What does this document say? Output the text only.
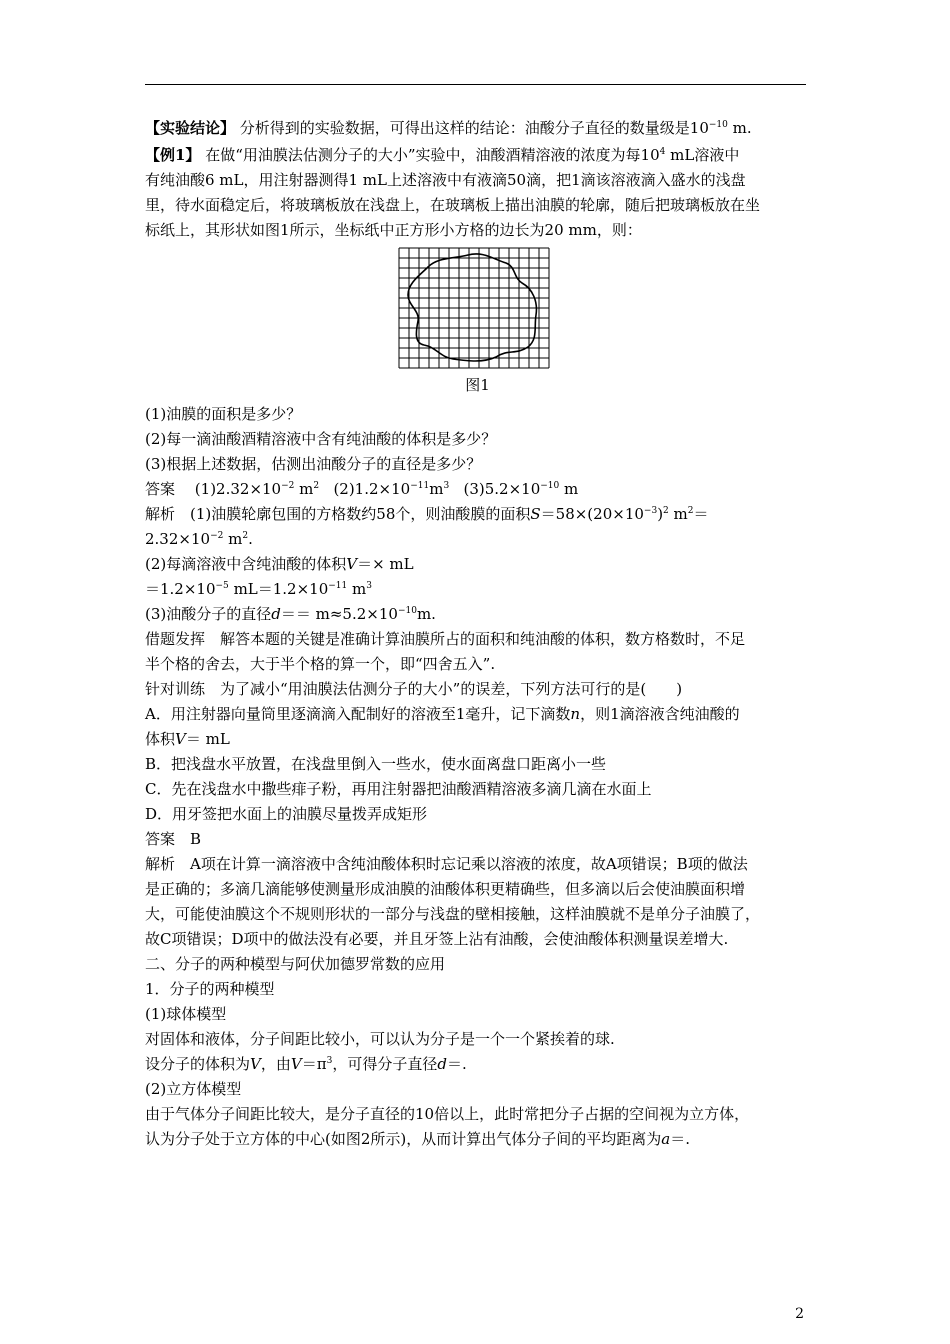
【实验结论】 分析得到的实验数据，可得出这样的结论：油酸分子直径的数量级是$10^{-10}$ m.
【例1】 在做“用油膜法估测分子的大小”实验中，油酸酒精溶液的浓度为每$10^4$ mL溶液中
有纯油酸6 mL，用注射器测得1 mL上述溶液中有液滴50滴，把1滴该溶液滴入盛水的浅盘
里，待水面稳定后，将玻璃板放在浅盘上，在玻璃板上描出油膜的轮廓，随后把玻璃板放在坐
标纸上，其形状如图1所示，坐标纸中正方形小方格的边长为20 mm，则：
图1
(1)油膜的面积是多少？
(2)每一滴油酸酒精溶液中含有纯油酸的体积是多少？
(3)根据上述数据，估测出油酸分子的直径是多少？
答案　 $(1)2.32\times 10^{-2}$ $m^2$ $(2)1.2\times 10^{-11}m^3$ $(3)5.2\times 10^{-10}$ m
解析　 (1)油膜轮廓包围的方格数约58个，则油酸膜的面积$S=58\times(20\times 10^{-3})^2$ $m^2=$
$2.32\times 10^{-2}$ $m^2$.
(2)每滴溶液中含纯油酸的体积V＝× mL
$=1.2\times 10^{-5}$ $mL=1.2\times 10^{-11}$ $m^3$
(3)油酸分子的直径$d== m\approx 5.2\times 10^{-10}m$.
借题发挥　解答本题的关键是准确计算油膜所占的面积和纯油酸的体积，数方格数时，不足
半个格的舍去，大于半个格的算一个，即“四舍五入”.
针对训练　为了减小“用油膜法估测分子的大小”的误差，下列方法可行的是(　　)
A．用注射器向量筒里逐滴滴入配制好的溶液至1毫升，记下滴数n，则1滴溶液含纯油酸的
体积V＝ mL
B．把浅盘水平放置，在浅盘里倒入一些水，使水面离盘口距离小一些
C．先在浅盘水中撒些痱子粉，再用注射器把油酸酒精溶液多滴几滴在水面上
D．用牙签把水面上的油膜尽量拨弄成矩形
答案　B
解析　A项在计算一滴溶液中含纯油酸体积时忘记乘以溶液的浓度，故A项错误；B项的做法
是正确的；多滴几滴能够使测量形成油膜的油酸体积更精确些，但多滴以后会使油膜面积增
大，可能使油膜这个不规则形状的一部分与浅盘的壁相接触，这样油膜就不是单分子油膜了，
故C项错误；D项中的做法没有必要，并且牙签上沾有油酸，会使油酸体积测量误差增大.
二、分子的两种模型与阿伏加德罗常数的应用
1．分子的两种模型
(1)球体模型
对固体和液体，分子间距比较小，可以认为分子是一个一个紧挨着的球.
设分子的体积为V，由$V=\pi^3$，可得分子直径d＝.
(2)立方体模型
由于气体分子间距比较大，是分子直径的10倍以上，此时常把分子占据的空间视为立方体，
认为分子处于立方体的中心(如图2所示)，从而计算出气体分子间的平均距离为a＝.
2
